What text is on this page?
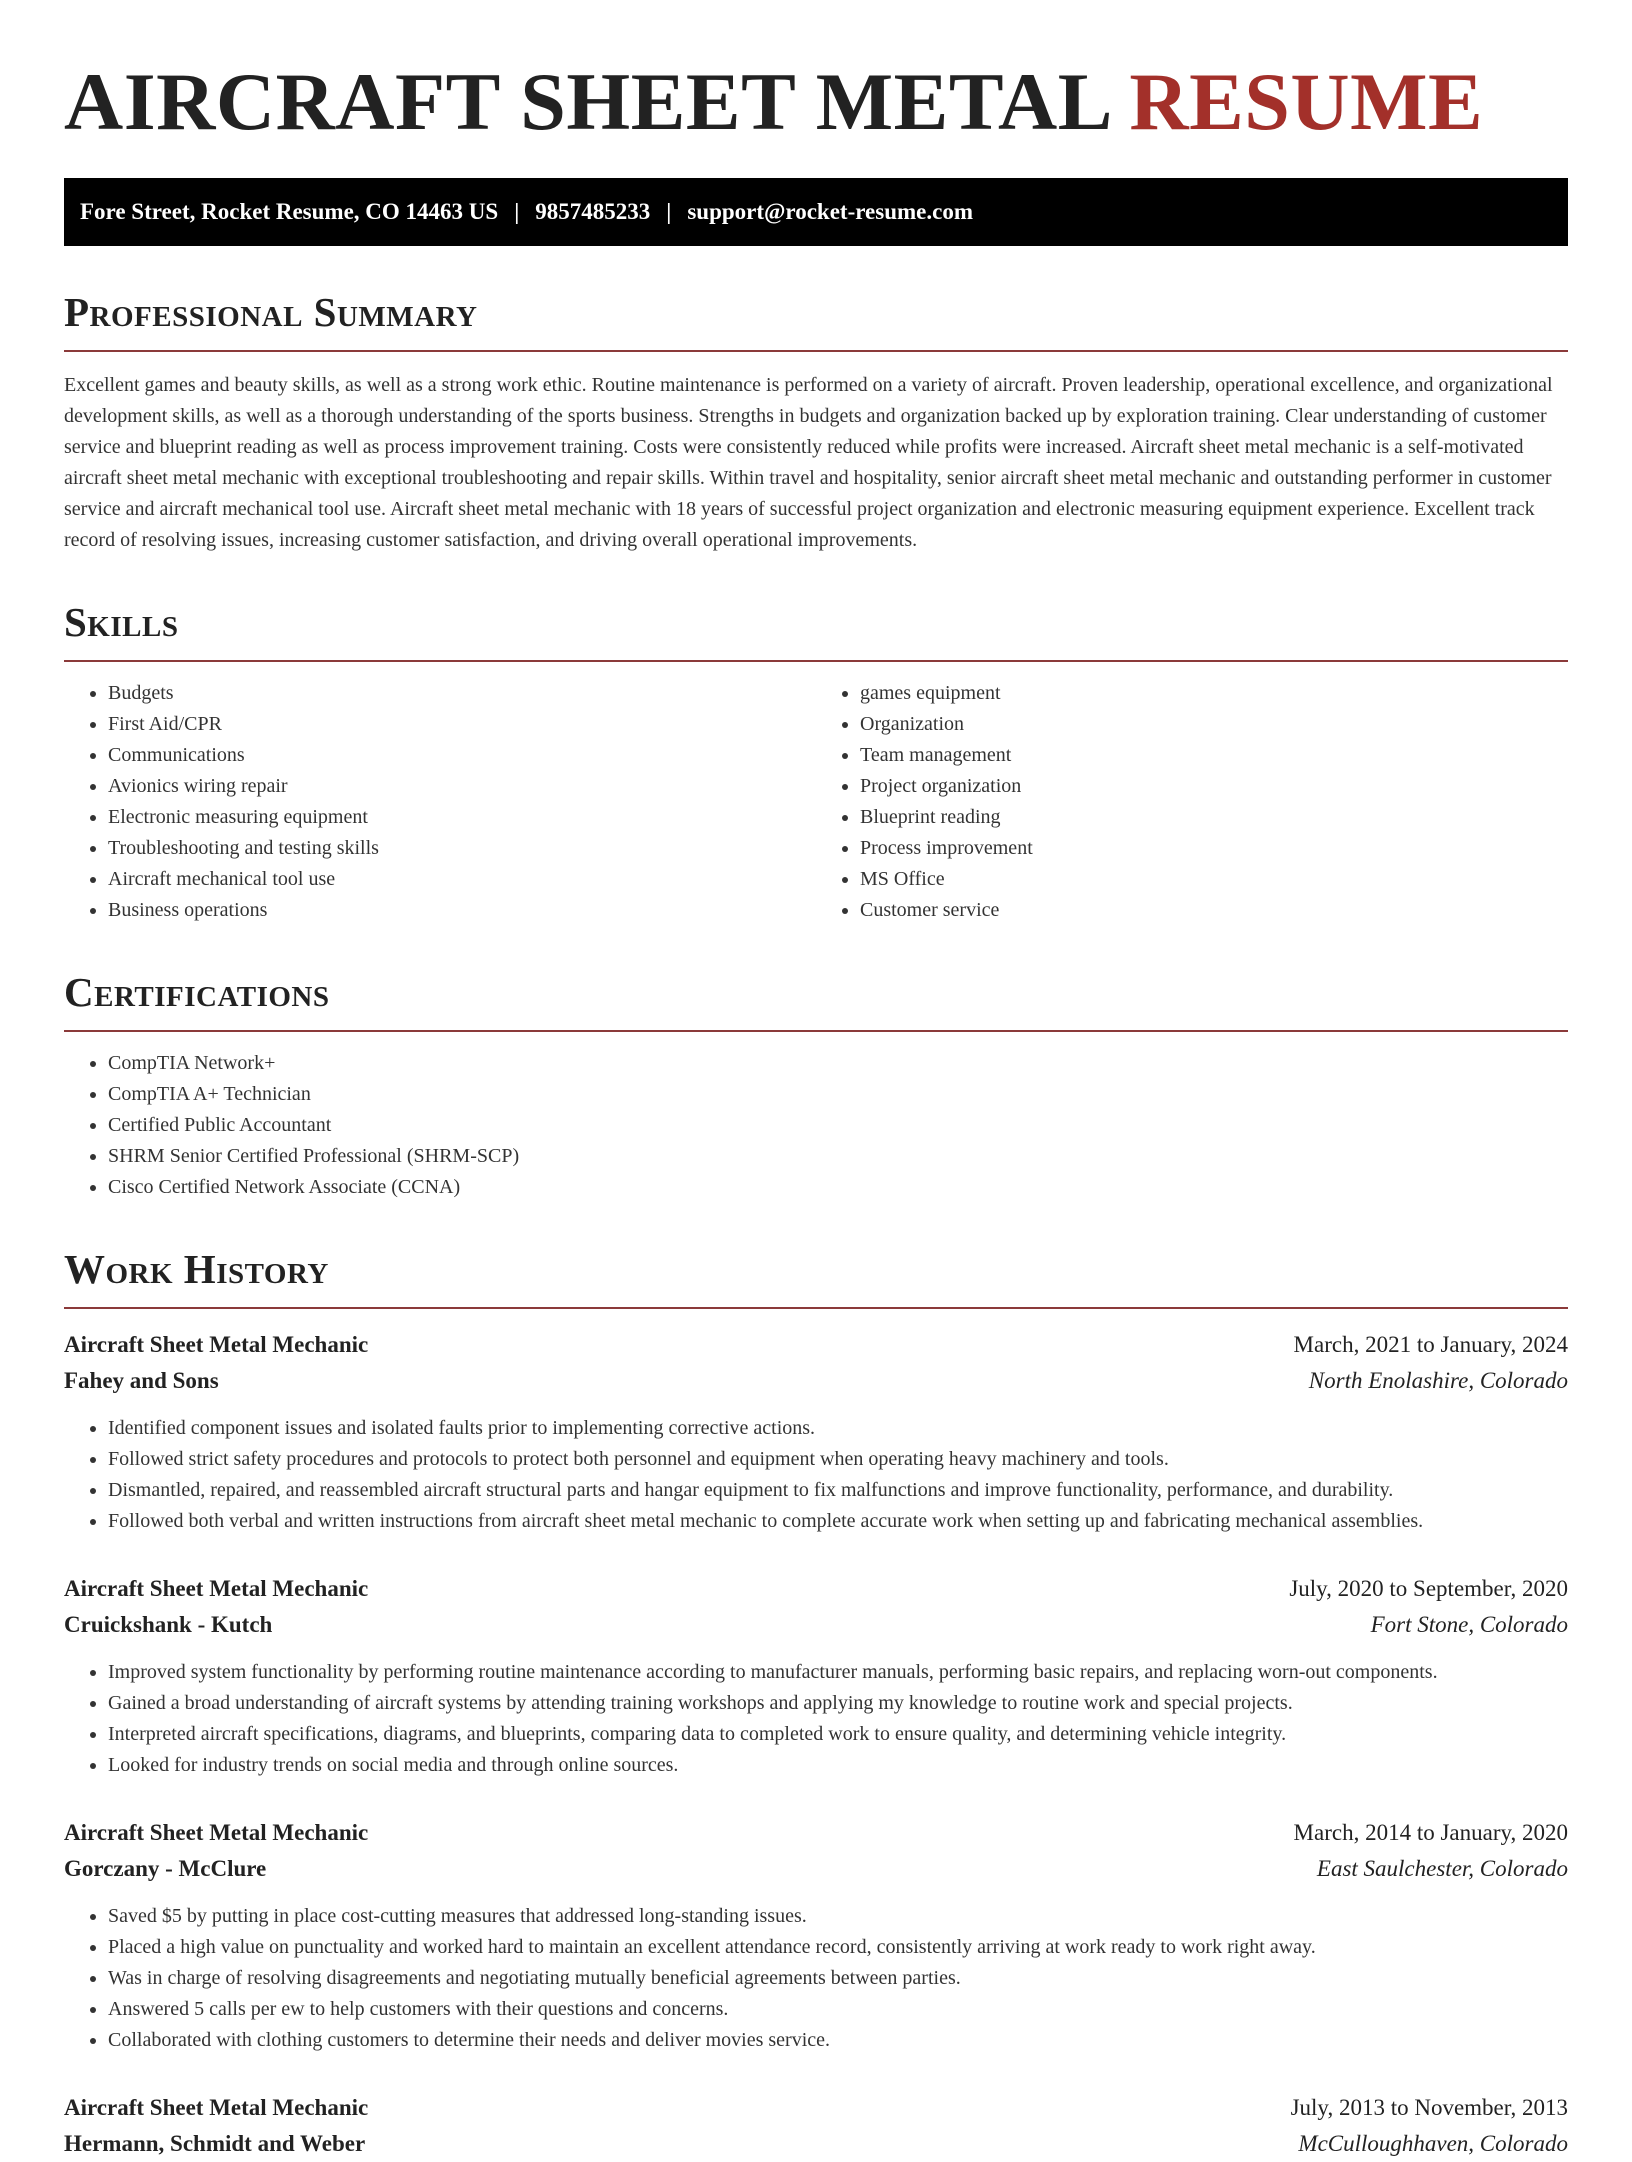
AIRCRAFT SHEET METAL RESUME
Fore Street, Rocket Resume, CO 14463 US | 9857485233 | support@rocket-resume.com
Professional Summary

Excellent games and beauty skills, as well as a strong work ethic. Routine maintenance is performed on a variety of aircraft. Proven leadership, operational excellence, and organizational development skills, as well as a thorough understanding of the sports business. Strengths in budgets and organization backed up by exploration training. Clear understanding of customer service and blueprint reading as well as process improvement training. Costs were consistently reduced while profits were increased. Aircraft sheet metal mechanic is a self-motivated aircraft sheet metal mechanic with exceptional troubleshooting and repair skills. Within travel and hospitality, senior aircraft sheet metal mechanic and outstanding performer in customer service and aircraft mechanical tool use. Aircraft sheet metal mechanic with 18 years of successful project organization and electronic measuring equipment experience. Excellent track record of resolving issues, increasing customer satisfaction, and driving overall operational improvements.

Skills
• Budgets
• First Aid/CPR
• Communications
• Avionics wiring repair
• Electronic measuring equipment
• Troubleshooting and testing skills
• Aircraft mechanical tool use
• Business operations
• games equipment
• Organization
• Team management
• Project organization
• Blueprint reading
• Process improvement
• MS Office
• Customer service
Certifications
• CompTIA Network+
• CompTIA A+ Technician
• Certified Public Accountant
• SHRM Senior Certified Professional (SHRM-SCP)
• Cisco Certified Network Associate (CCNA)
Work History
Aircraft Sheet Metal Mechanic	March, 2021 to January, 2024
Fahey and Sons	North Enolashire, Colorado
• Identified component issues and isolated faults prior to implementing corrective actions.
• Followed strict safety procedures and protocols to protect both personnel and equipment when operating heavy machinery and tools.
• Dismantled, repaired, and reassembled aircraft structural parts and hangar equipment to fix malfunctions and improve functionality, performance, and durability.
• Followed both verbal and written instructions from aircraft sheet metal mechanic to complete accurate work when setting up and fabricating mechanical assemblies.
Aircraft Sheet Metal Mechanic	July, 2020 to September, 2020
Cruickshank - Kutch	Fort Stone, Colorado
• Improved system functionality by performing routine maintenance according to manufacturer manuals, performing basic repairs, and replacing worn-out components.
• Gained a broad understanding of aircraft systems by attending training workshops and applying my knowledge to routine work and special projects.
• Interpreted aircraft specifications, diagrams, and blueprints, comparing data to completed work to ensure quality, and determining vehicle integrity.
• Looked for industry trends on social media and through online sources.
Aircraft Sheet Metal Mechanic	March, 2014 to January, 2020
Gorczany - McClure	East Saulchester, Colorado
• Saved $5 by putting in place cost-cutting measures that addressed long-standing issues.
• Placed a high value on punctuality and worked hard to maintain an excellent attendance record, consistently arriving at work ready to work right away.
• Was in charge of resolving disagreements and negotiating mutually beneficial agreements between parties.
• Answered 5 calls per ew to help customers with their questions and concerns.
• Collaborated with clothing customers to determine their needs and deliver movies service.
Aircraft Sheet Metal Mechanic	July, 2013 to November, 2013
Hermann, Schmidt and Weber	McCulloughhaven, Colorado
